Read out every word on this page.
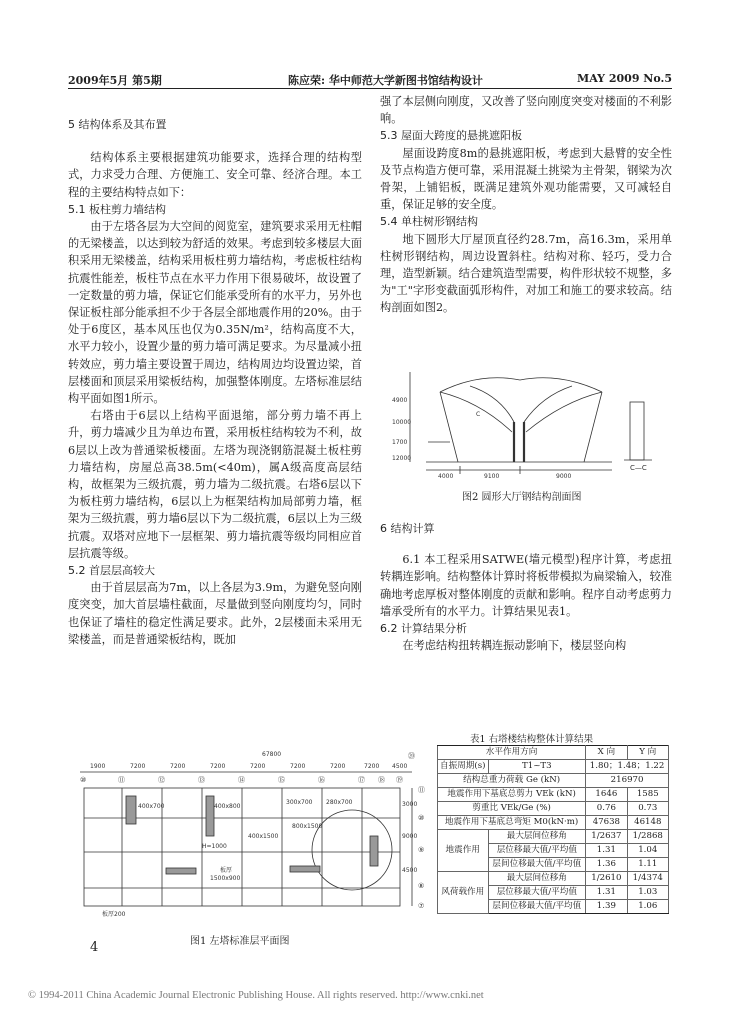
2009年5月 第5期	陈应荣: 华中师范大学新图书馆结构设计	MAY 2009 No.5

5 结构体系及其布置

结构体系主要根据建筑功能要求，选择合理的结构型式，力求受力合理、方便施工、安全可靠、经济合理。本工程的主要结构特点如下：

5.1 板柱剪力墙结构

由于左塔各层为大空间的阅览室，建筑要求采用无柱帽的无梁楼盖，以达到较为舒适的效果。考虑到较多楼层大面积采用无梁楼盖，结构采用板柱剪力墙结构，考虑板柱结构抗震性能差，板柱节点在水平力作用下很易破坏，故设置了一定数量的剪力墙，保证它们能承受所有的水平力，另外也保证板柱部分能承担不少于各层全部地震作用的20%。由于处于6度区，基本风压也仅为0.35N/m²，结构高度不大，水平力较小，设置少量的剪力墙可满足要求。为尽量减小扭转效应，剪力墙主要设置于周边，结构周边均设置边梁，首层楼面和顶层采用梁板结构，加强整体刚度。左塔标准层结构平面如图1所示。

右塔由于6层以上结构平面退缩，部分剪力墙不再上升，剪力墙减少且为单边布置，采用板柱结构较为不利，故6层以上改为普通梁板楼面。左塔为现浇钢筋混凝土板柱剪力墙结构，房屋总高38.5m(<40m)，属A级高度高层结构，故框架为三级抗震，剪力墙为二级抗震。右塔6层以下为板柱剪力墙结构，6层以上为框架结构加局部剪力墙，框架为三级抗震，剪力墙6层以下为二级抗震，6层以上为三级抗震。双塔对应地下一层框架、剪力墙抗震等级均同相应首层抗震等级。

5.2 首层层高较大

由于首层层高为7m，以上各层为3.9m，为避免竖向刚度突变，加大首层墙柱截面，尽量做到竖向刚度均匀，同时也保证了墙柱的稳定性满足要求。此外，2层楼面未采用无梁楼盖，而是普通梁板结构，既加

强了本层侧向刚度，又改善了竖向刚度突变对楼面的不利影响。

5.3 屋面大跨度的悬挑遮阳板

屋面设跨度8m的悬挑遮阳板，考虑到大悬臂的安全性及节点构造方便可靠，采用混凝土挑梁为主骨架，钢梁为次骨架，上铺铝板，既满足建筑外观功能需要，又可减轻自重，保证足够的安全度。

5.4 单柱树形钢结构

地下圆形大厅屋顶直径约28.7m，高16.3m，采用单柱树形钢结构，周边设置斜柱。结构对称、轻巧，受力合理，造型新颖。结合建筑造型需要，构件形状较不规整，多为"工"字形变截面弧形构件，对加工和施工的要求较高。结构剖面如图2。

4000	9100	9000
4900
10000
1700
12000
C
C—C
图2 圆形大厅钢结构剖面图

6 结构计算

6.1 本工程采用SATWE(墙元模型)程序计算，考虑扭转耦连影响。结构整体计算时将板带模拟为扁梁输入，较准确地考虑厚板对整体刚度的贡献和影响。程序自动考虑剪力墙承受所有的水平力。计算结果见表1。

6.2 计算结果分析

在考虑结构扭转耦连振动影响下，楼层竖向构

表1 右塔楼结构整体计算结果
水平作用方向		X 向	Y 向
自振周期(s)	T1~T3	1.80；1.48；1.22	
结构总重力荷载 Ge (kN)		216970	
地震作用下基底总剪力 VEk (kN)		1646	1585
剪重比 VEk/Ge (%)		0.76	0.73
地震作用下基底总弯矩 M0(kN·m)		47638	46148
地震作用	最大层间位移角	1/2637	1/2868
	层位移最大值/平均值	1.31	1.04
	层间位移最大值/平均值	1.36	1.11
风荷载作用	最大层间位移角	1/2610	1/4374
	层位移最大值/平均值	1.31	1.03
	层间位移最大值/平均值	1.39	1.06
67800
1900	7200	7200	7200	7200	7200	7200	7200 4500
⑩	⑪	⑫	⑬	⑭	⑮	⑯	⑰ ⑱ ⑲
⑳
⑪
⑩
⑨
⑧
⑦
3000
9000
4500
400x700	400x800
400x1500
1500x900
800x1500
300x700
H=1000
280x700
板厚
板厚200
图1 左塔标准层平面图
4
© 1994-2011 China Academic Journal Electronic Publishing House. All rights reserved. http://www.cnki.net
